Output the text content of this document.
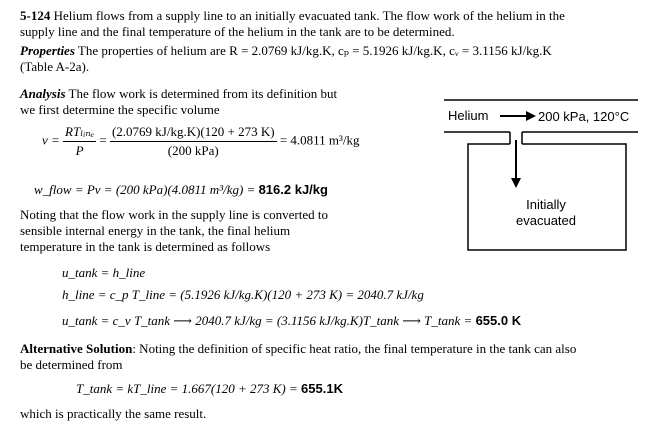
5-124 Helium flows from a supply line to an initially evacuated tank. The flow work of the helium in the
supply line and the final temperature of the helium in the tank are to be determined.
Properties The properties of helium are R = 2.0769 kJ/kg.K, cₚ = 5.1926 kJ/kg.K, cᵥ = 3.1156 kJ/kg.K
(Table A-2a).
Analysis The flow work is determined from its definition but
we first determine the specific volume
$v = \frac{\text{RTₗᵢₙₑ}}{P} = \frac{(2.0769 kJ/kg.K)(120 + 273 K)}{\text{(200 kPa)}} = 4.0811$ m³/kg
w_flow = Pv = (200 kPa)(4.0811 m³/kg) = 816.2 kJ/kg
Noting that the flow work in the supply line is converted to
sensible internal energy in the tank, the final helium
temperature in the tank is determined as follows
u_tank = h_line
h_line = c_p T_line = (5.1926 kJ/kg.K)(120 + 273 K) = 2040.7 kJ/kg
u_tank = c_v T_tank ⟶ 2040.7 kJ/kg = (3.1156 kJ/kg.K)T_tank ⟶ T_tank = 655.0 K
Alternative Solution: Noting the definition of specific heat ratio, the final temperature in the tank can also
be determined from
T_tank = kT_line = 1.667(120 + 273 K) = 655.1K
which is practically the same result.
Helium	200 kPa, 120°C
Initially
evacuated
